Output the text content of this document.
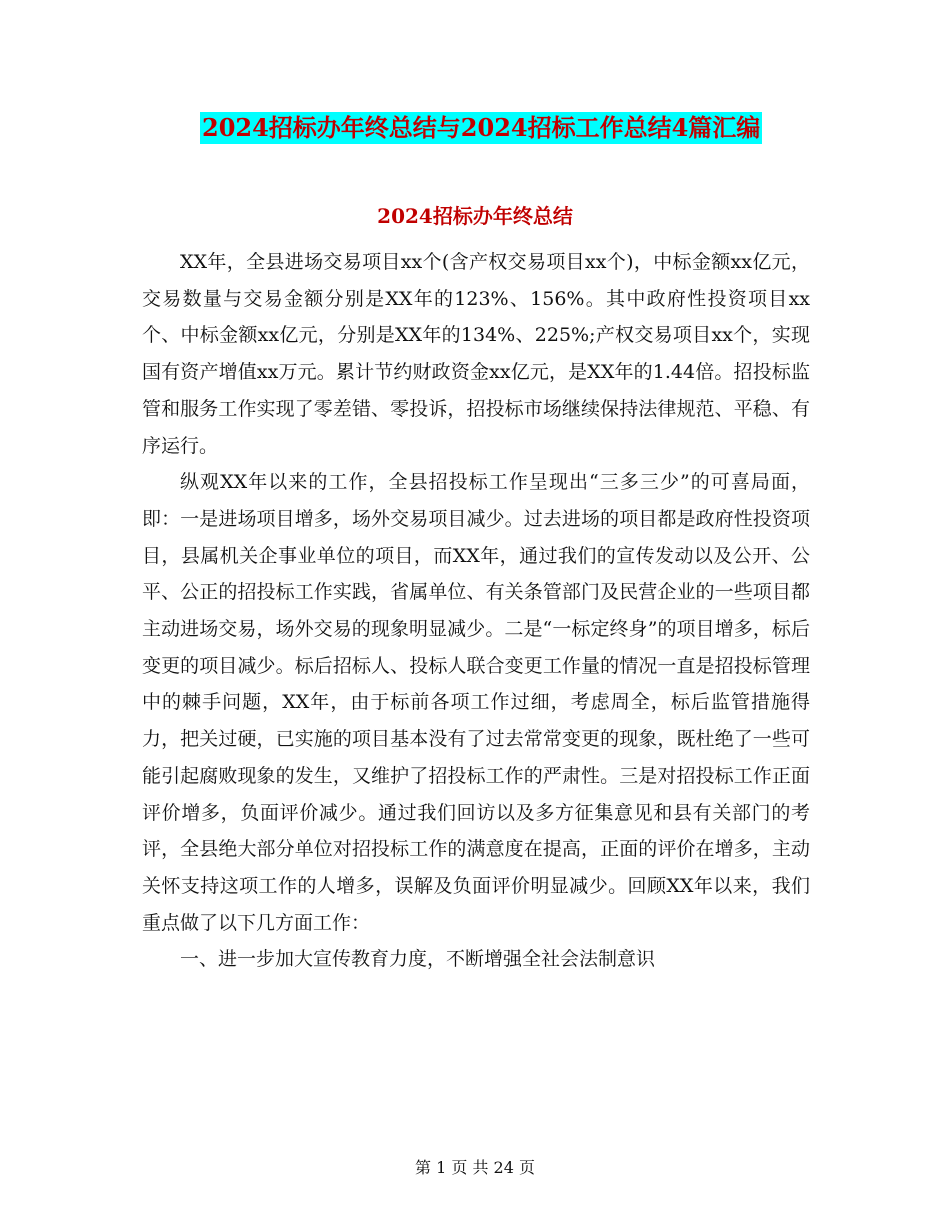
2024招标办年终总结与2024招标工作总结4篇汇编
2024招标办年终总结

XX年，全县进场交易项目xx个(含产权交易项目xx个)，中标金额xx亿元，交易数量与交易金额分别是XX年的123%、156%。其中政府性投资项目xx个、中标金额xx亿元，分别是XX年的134%、225%;产权交易项目xx个，实现国有资产增值xx万元。累计节约财政资金xx亿元，是XX年的1.44倍。招投标监管和服务工作实现了零差错、零投诉，招投标市场继续保持法律规范、平稳、有序运行。

纵观XX年以来的工作，全县招投标工作呈现出“三多三少”的可喜局面，即：一是进场项目增多，场外交易项目减少。过去进场的项目都是政府性投资项目，县属机关企事业单位的项目，而XX年，通过我们的宣传发动以及公开、公平、公正的招投标工作实践，省属单位、有关条管部门及民营企业的一些项目都主动进场交易，场外交易的现象明显减少。二是“一标定终身”的项目增多，标后变更的项目减少。标后招标人、投标人联合变更工作量的情况一直是招投标管理中的棘手问题，XX年，由于标前各项工作过细，考虑周全，标后监管措施得力，把关过硬，已实施的项目基本没有了过去常常变更的现象，既杜绝了一些可能引起腐败现象的发生，又维护了招投标工作的严肃性。三是对招投标工作正面评价增多，负面评价减少。通过我们回访以及多方征集意见和县有关部门的考评，全县绝大部分单位对招投标工作的满意度在提高，正面的评价在增多，主动关怀支持这项工作的人增多，误解及负面评价明显减少。回顾XX年以来，我们重点做了以下几方面工作：

一、进一步加大宣传教育力度，不断增强全社会法制意识

第 1 页 共 24 页
